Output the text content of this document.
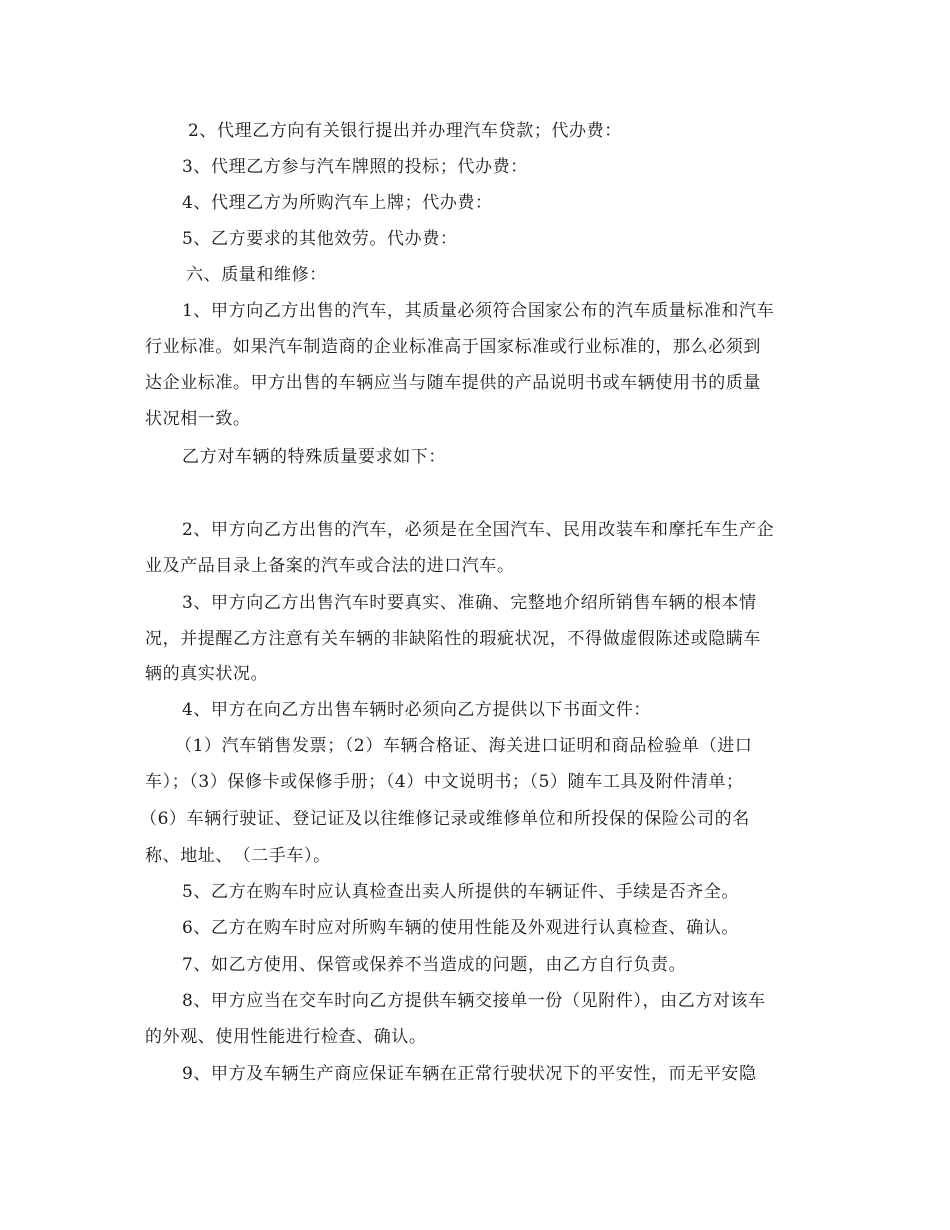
2、代理乙方向有关银行提出并办理汽车贷款；代办费：
3、代理乙方参与汽车牌照的投标；代办费：
4、代理乙方为所购汽车上牌；代办费：
5、乙方要求的其他效劳。代办费：
六、质量和维修：
1、甲方向乙方出售的汽车，其质量必须符合国家公布的汽车质量标准和汽车
行业标准。如果汽车制造商的企业标准高于国家标准或行业标准的，那么必须到
达企业标准。甲方出售的车辆应当与随车提供的产品说明书或车辆使用书的质量
状况相一致。
乙方对车辆的特殊质量要求如下：
2、甲方向乙方出售的汽车，必须是在全国汽车、民用改装车和摩托车生产企
业及产品目录上备案的汽车或合法的进口汽车。
3、甲方向乙方出售汽车时要真实、准确、完整地介绍所销售车辆的根本情
况，并提醒乙方注意有关车辆的非缺陷性的瑕疵状况，不得做虚假陈述或隐瞒车
辆的真实状况。
4、甲方在向乙方出售车辆时必须向乙方提供以下书面文件：
（1）汽车销售发票；（2）车辆合格证、海关进口证明和商品检验单（进口
车）；（3）保修卡或保修手册；（4）中文说明书；（5）随车工具及附件清单；
（6）车辆行驶证、登记证及以往维修记录或维修单位和所投保的保险公司的名
称、地址、　（二手车）。
5、乙方在购车时应认真检查出卖人所提供的车辆证件、手续是否齐全。
6、乙方在购车时应对所购车辆的使用性能及外观进行认真检查、确认。
7、如乙方使用、保管或保养不当造成的问题，由乙方自行负责。
8、甲方应当在交车时向乙方提供车辆交接单一份（见附件），由乙方对该车
的外观、使用性能进行检查、确认。
9、甲方及车辆生产商应保证车辆在正常行驶状况下的平安性，而无平安隐
